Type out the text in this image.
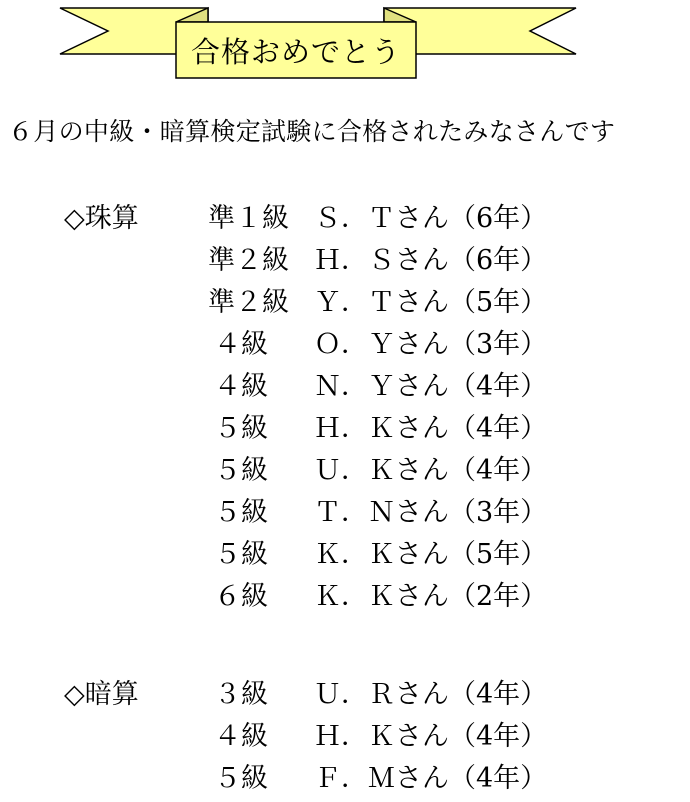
合格おめでとう
６月の中級・暗算検定試験に合格されたみなさんです
◇珠算	準１級 Ｓ．Ｔさん（6年）
準２級 Ｈ．Ｓさん（6年）
準２級 Ｙ．Ｔさん（5年）
４級 Ｏ．Ｙさん（3年）
４級 Ｎ．Ｙさん（4年）
５級 Ｈ．Ｋさん（4年）
５級 Ｕ．Ｋさん（4年）
５級 Ｔ．Ｎさん（3年）
５級 Ｋ．Ｋさん（5年）
６級 Ｋ．Ｋさん（2年）
◇暗算	３級 Ｕ．Ｒさん（4年）
４級 Ｈ．Ｋさん（4年）
５級 Ｆ．Ｍさん（4年）
